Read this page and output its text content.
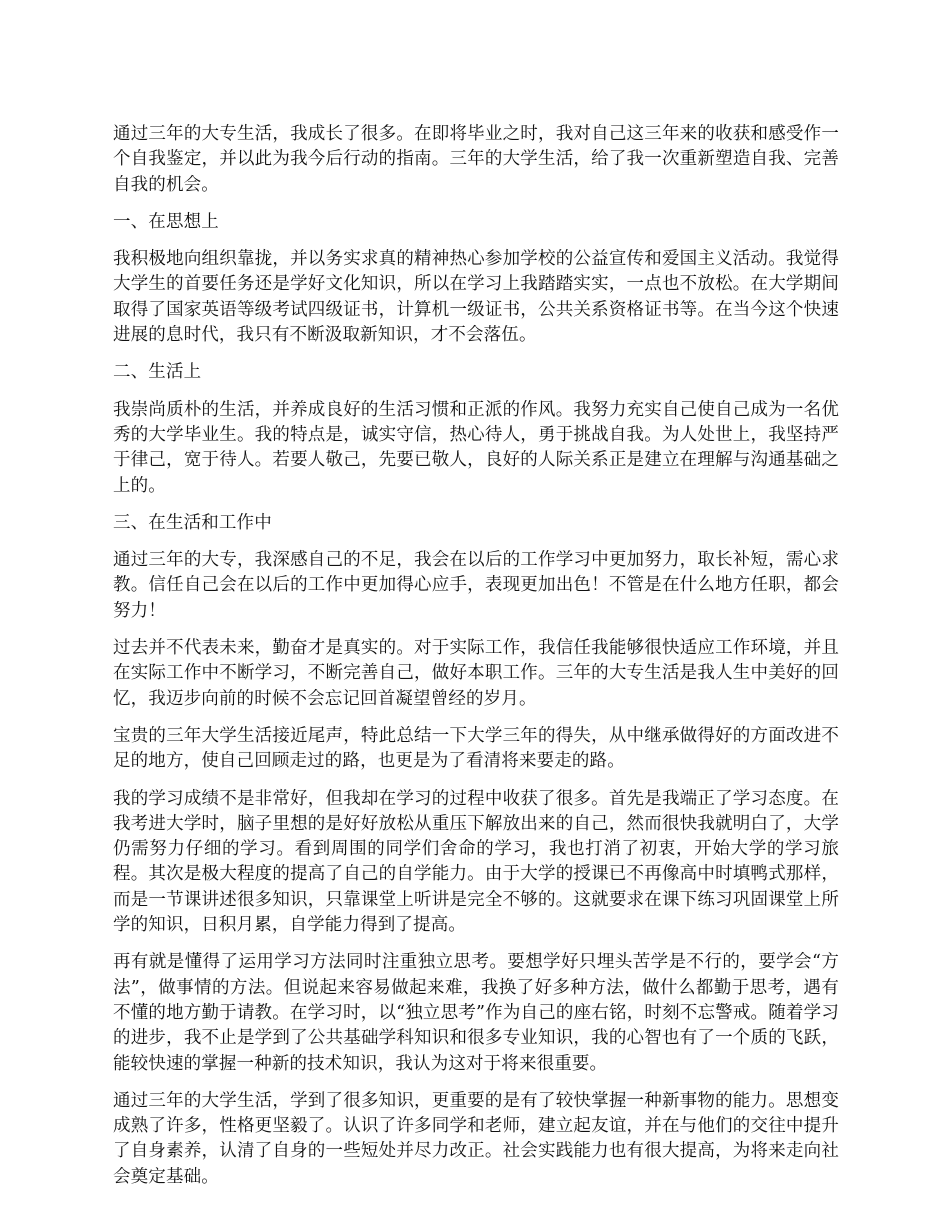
通过三年的大专生活，我成长了很多。在即将毕业之时，我对自己这三年来的收获和感受作一个自我鉴定，并以此为我今后行动的指南。三年的大学生活，给了我一次重新塑造自我、完善自我的机会。

一、在思想上

我积极地向组织靠拢，并以务实求真的精神热心参加学校的公益宣传和爱国主义活动。我觉得大学生的首要任务还是学好文化知识，所以在学习上我踏踏实实，一点也不放松。在大学期间取得了国家英语等级考试四级证书，计算机一级证书，公共关系资格证书等。在当今这个快速进展的息时代，我只有不断汲取新知识，才不会落伍。

二、生活上

我崇尚质朴的生活，并养成良好的生活习惯和正派的作风。我努力充实自己使自己成为一名优秀的大学毕业生。我的特点是，诚实守信，热心待人，勇于挑战自我。为人处世上，我坚持严于律己，宽于待人。若要人敬己，先要已敬人，良好的人际关系正是建立在理解与沟通基础之上的。

三、在生活和工作中

通过三年的大专，我深感自己的不足，我会在以后的工作学习中更加努力，取长补短，需心求教。信任自己会在以后的工作中更加得心应手，表现更加出色！不管是在什么地方任职，都会努力！

过去并不代表未来，勤奋才是真实的。对于实际工作，我信任我能够很快适应工作环境，并且在实际工作中不断学习，不断完善自己，做好本职工作。三年的大专生活是我人生中美好的回忆，我迈步向前的时候不会忘记回首凝望曾经的岁月。

宝贵的三年大学生活接近尾声，特此总结一下大学三年的得失，从中继承做得好的方面改进不足的地方，使自己回顾走过的路，也更是为了看清将来要走的路。

我的学习成绩不是非常好，但我却在学习的过程中收获了很多。首先是我端正了学习态度。在我考进大学时，脑子里想的是好好放松从重压下解放出来的自己，然而很快我就明白了，大学仍需努力仔细的学习。看到周围的同学们舍命的学习，我也打消了初衷，开始大学的学习旅程。其次是极大程度的提高了自己的自学能力。由于大学的授课已不再像高中时填鸭式那样，而是一节课讲述很多知识，只靠课堂上听讲是完全不够的。这就要求在课下练习巩固课堂上所学的知识，日积月累，自学能力得到了提高。

再有就是懂得了运用学习方法同时注重独立思考。要想学好只埋头苦学是不行的，要学会“方法”，做事情的方法。但说起来容易做起来难，我换了好多种方法，做什么都勤于思考，遇有不懂的地方勤于请教。在学习时，以“独立思考”作为自己的座右铭，时刻不忘警戒。随着学习的进步，我不止是学到了公共基础学科知识和很多专业知识，我的心智也有了一个质的飞跃，能较快速的掌握一种新的技术知识，我认为这对于将来很重要。

通过三年的大学生活，学到了很多知识，更重要的是有了较快掌握一种新事物的能力。思想变成熟了许多，性格更坚毅了。认识了许多同学和老师，建立起友谊，并在与他们的交往中提升了自身素养，认清了自身的一些短处并尽力改正。社会实践能力也有很大提高，为将来走向社会奠定基础。
